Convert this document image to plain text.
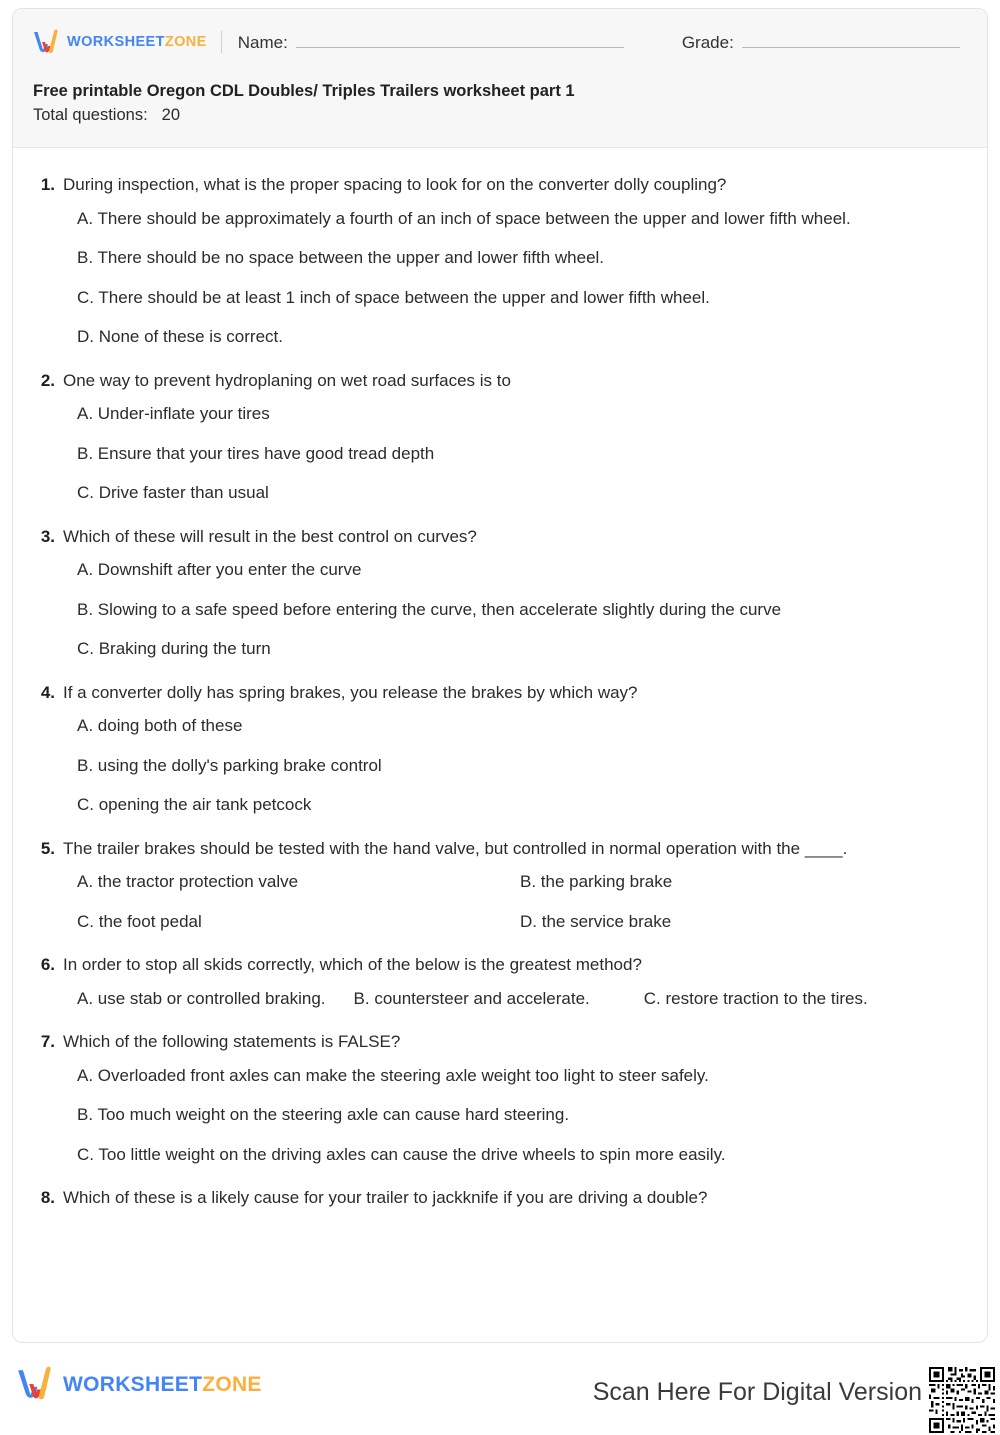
WORKSHEETZONE Name:	Grade:

Free printable Oregon CDL Doubles/ Triples Trailers worksheet part 1

Total questions: 20

1. During inspection, what is the proper spacing to look for on the converter dolly coupling?
A. There should be approximately a fourth of an inch of space between the upper and lower fifth wheel.
B. There should be no space between the upper and lower fifth wheel.
C. There should be at least 1 inch of space between the upper and lower fifth wheel.
D. None of these is correct.
2. One way to prevent hydroplaning on wet road surfaces is to
A. Under-inflate your tires
B. Ensure that your tires have good tread depth
C. Drive faster than usual
3. Which of these will result in the best control on curves?
A. Downshift after you enter the curve
B. Slowing to a safe speed before entering the curve, then accelerate slightly during the curve
C. Braking during the turn
4. If a converter dolly has spring brakes, you release the brakes by which way?
A. doing both of these
B. using the dolly's parking brake control
C. opening the air tank petcock
5. The trailer brakes should be tested with the hand valve, but controlled in normal operation with the ____.
A. the tractor protection valve	B. the parking brake
C. the foot pedal	D. the service brake
6. In order to stop all skids correctly, which of the below is the greatest method?
A. use stab or controlled braking. B. countersteer and accelerate.	C. restore traction to the tires.
7. Which of the following statements is FALSE?
A. Overloaded front axles can make the steering axle weight too light to steer safely.
B. Too much weight on the steering axle can cause hard steering.
C. Too little weight on the driving axles can cause the drive wheels to spin more easily.
8. Which of these is a likely cause for your trailer to jackknife if you are driving a double?
WORKSHEETZONE	Scan Here For Digital Version
